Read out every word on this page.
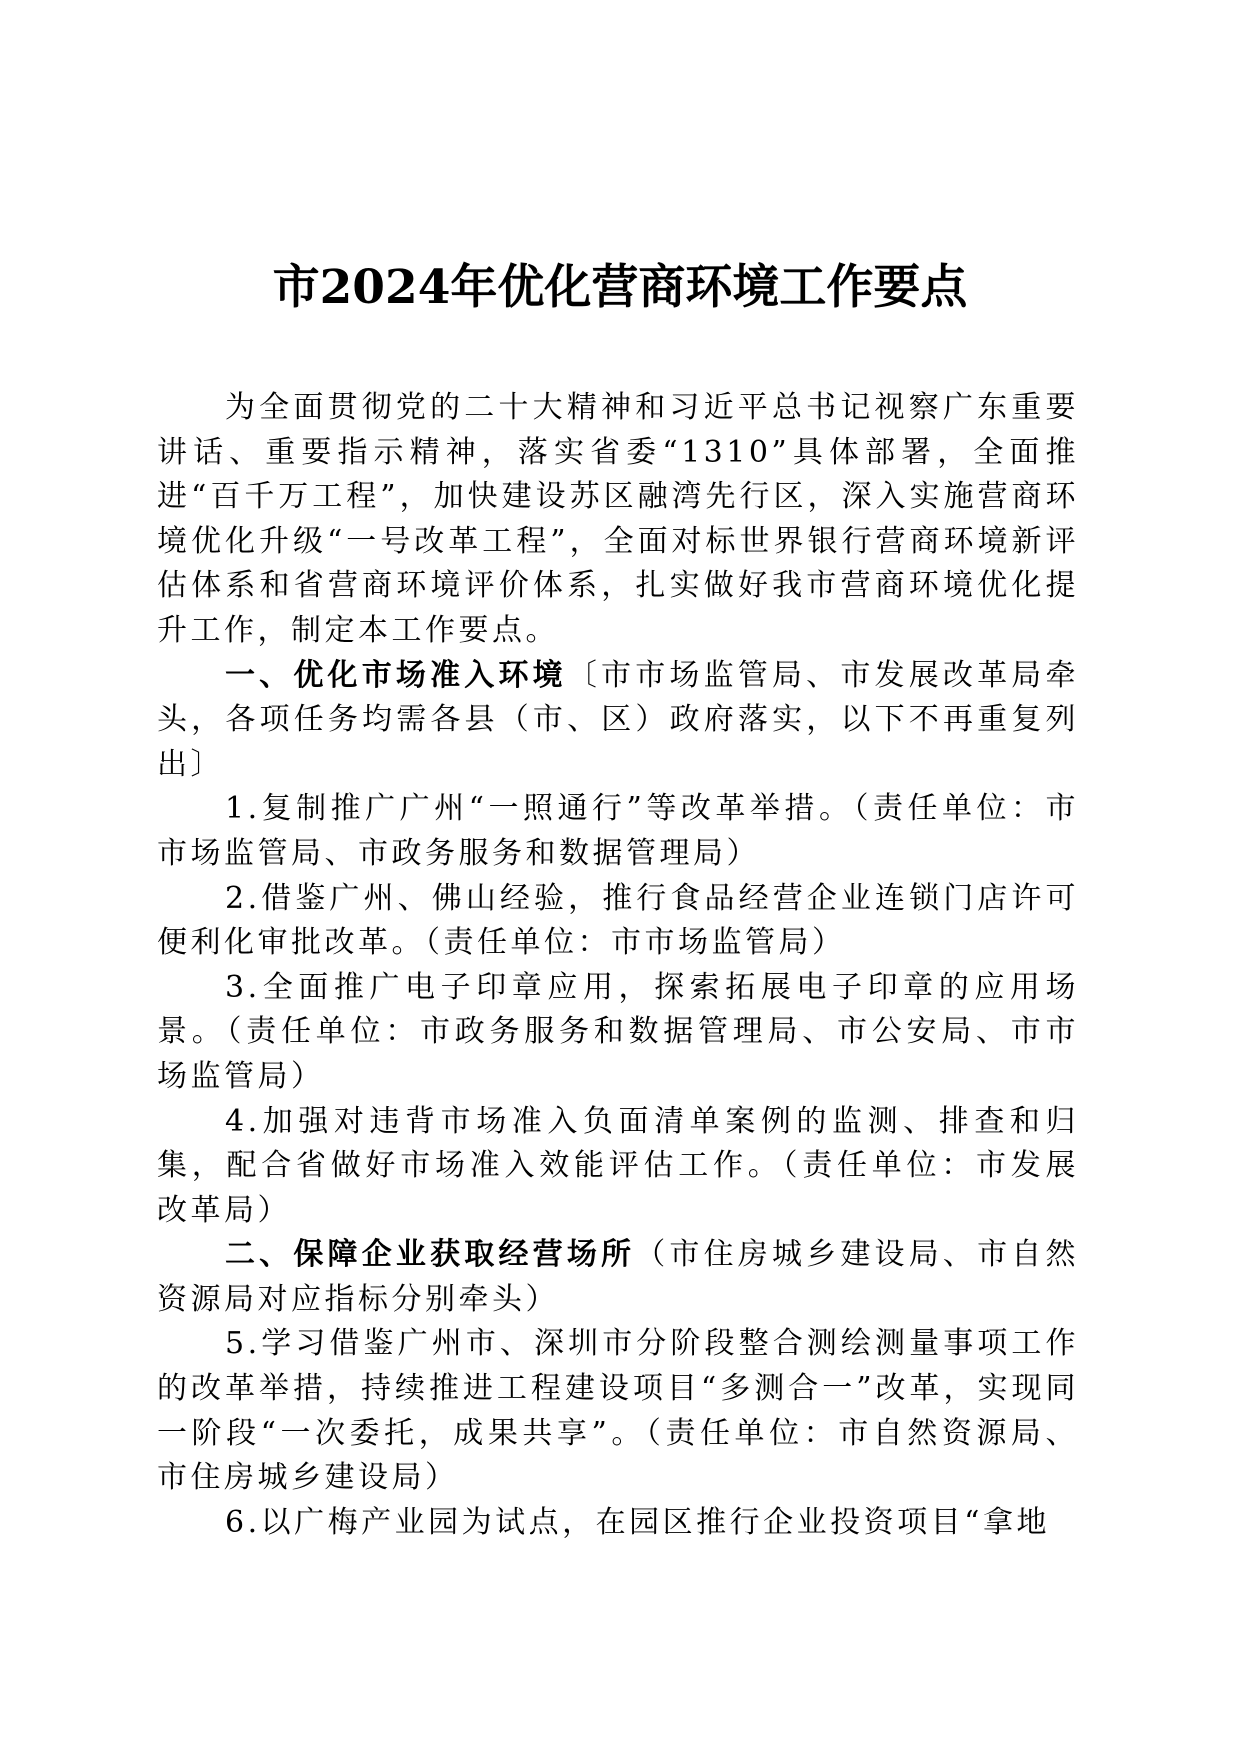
市2024年优化营商环境工作要点

为全面贯彻党的二十大精神和习近平总书记视察广东重要讲话、重要指示精神，落实省委“1310”具体部署，全面推进“百千万工程”，加快建设苏区融湾先行区，深入实施营商环境优化升级“一号改革工程”，全面对标世界银行营商环境新评估体系和省营商环境评价体系，扎实做好我市营商环境优化提升工作，制定本工作要点。

一、优化市场准入环境〔市市场监管局、市发展改革局牵头，各项任务均需各县（市、区）政府落实，以下不再重复列出〕

1.复制推广广州“一照通行”等改革举措。（责任单位：市市场监管局、市政务服务和数据管理局）

2.借鉴广州、佛山经验，推行食品经营企业连锁门店许可便利化审批改革。（责任单位：市市场监管局）

3.全面推广电子印章应用，探索拓展电子印章的应用场景。（责任单位：市政务服务和数据管理局、市公安局、市市场监管局）

4.加强对违背市场准入负面清单案例的监测、排查和归集，配合省做好市场准入效能评估工作。（责任单位：市发展改革局）

二、保障企业获取经营场所（市住房城乡建设局、市自然资源局对应指标分别牵头）

5.学习借鉴广州市、深圳市分阶段整合测绘测量事项工作的改革举措，持续推进工程建设项目“多测合一”改革，实现同一阶段“一次委托，成果共享”。（责任单位：市自然资源局、市住房城乡建设局）

6.以广梅产业园为试点，在园区推行企业投资项目“拿地
